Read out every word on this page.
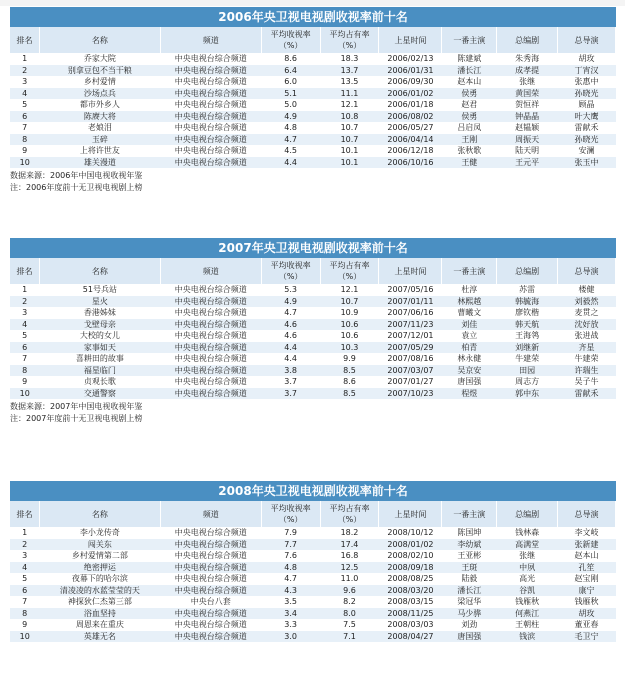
2006年央卫视电视剧收视率前十名
排名	名称	频道	平均收视率（%）	平均占有率（%）	上星时间	一番主演	总编剧	总导演
1	乔家大院	中央电视台综合频道	8.6	18.3	2006/02/13	陈建斌	朱秀海	胡玫
2	别拿豆包不当干粮	中央电视台综合频道	6.4	13.7	2006/01/31	潘长江	成孝提	丁宵汉
3	乡村爱情	中央电视台综合频道	6.0	13.5	2006/09/30	赵本山	张继	张惠中
4	沙场点兵	中央电视台综合频道	5.1	11.1	2006/01/02	侯勇	黄国荣	孙晓光
5	都市外乡人	中央电视台综合频道	5.0	12.1	2006/01/18	赵君	贺恒祥	顾晶
6	陈赓大将	中央电视台综合频道	4.9	10.8	2006/08/02	侯勇	钟晶晶	叶大鹰
7	老娘泪	中央电视台综合频道	4.8	10.7	2006/05/27	吕启凤	赵韫颖	雷献禾
8	玉碎	中央电视台综合频道	4.7	10.7	2006/04/14	王刚	周振天	孙晓光
9	上将许世友	中央电视台综合频道	4.5	10.1	2006/12/18	张秋歌	陆天明	安澜
10	雄关漫道	中央电视台综合频道	4.4	10.1	2006/10/16	王健	王元平	张玉中
数据来源：2006年中国电视收视年鉴
注：2006年度前十无卫视电视剧上榜
2007年央卫视电视剧收视率前十名
排名	名称	频道	平均收视率（%）	平均占有率（%）	上星时间	一番主演	总编剧	总导演
1	51号兵站	中央电视台综合频道	5.3	12.1	2007/05/16	杜淳	苏雷	楼健
2	星火	中央电视台综合频道	4.9	10.7	2007/01/11	林熙越	韩毓海	刘毅然
3	香港姊妹	中央电视台综合频道	4.7	10.9	2007/06/16	曹曦文	廖钦楷	麦贯之
4	戈壁母亲	中央电视台综合频道	4.6	10.6	2007/11/23	刘佳	韩天航	沈好放
5	大校的女儿	中央电视台综合频道	4.6	10.6	2007/12/01	袁立	王海鸰	张进战
6	家事如天	中央电视台综合频道	4.4	10.3	2007/05/29	柏青	刘继新	齐星
7	喜耕田的故事	中央电视台综合频道	4.4	9.9	2007/08/16	林永健	牛建荣	牛建荣
8	福星临门	中央电视台综合频道	3.8	8.5	2007/03/07	吴京安	田园	许瑞生
9	贞观长歌	中央电视台综合频道	3.7	8.6	2007/01/27	唐国强	周志方	吴子牛
10	交通警察	中央电视台综合频道	3.7	8.5	2007/10/23	程煜	郭中东	雷献禾
数据来源：2007年中国电视收视年鉴
注：2007年度前十无卫视电视剧上榜
2008年央卫视电视剧收视率前十名
排名	名称	频道	平均收视率（%）	平均占有率（%）	上星时间	一番主演	总编剧	总导演
1	李小龙传奇	中央电视台综合频道	7.9	18.2	2008/10/12	陈国坤	钱林森	李文岐
2	闯关东	中央电视台综合频道	7.7	17.4	2008/01/02	李幼斌	高满堂	张新建
3	乡村爱情第二部	中央电视台综合频道	7.6	16.8	2008/02/10	王亚彬	张继	赵本山
4	绝密押运	中央电视台综合频道	4.8	12.5	2008/09/18	王斑	中夙	孔笙
5	夜幕下的哈尔滨	中央电视台综合频道	4.7	11.0	2008/08/25	陆毅	高光	赵宝刚
6	清凌凌的水蓝莹莹的天	中央电视台综合频道	4.3	9.6	2008/03/20	潘长江	谷凯	康宁
7	神探狄仁杰第三部	中央台八套	3.5	8.2	2008/03/15	梁冠华	钱雁秋	钱雁秋
8	浴血坚持	中央电视台综合频道	3.4	8.0	2008/11/25	马少骅	何燕江	胡玫
9	周恩来在重庆	中央电视台综合频道	3.3	7.5	2008/03/03	刘劲	王朝柱	董亚春
10	英雄无名	中央电视台综合频道	3.0	7.1	2008/04/27	唐国强	钱滨	毛卫宁
